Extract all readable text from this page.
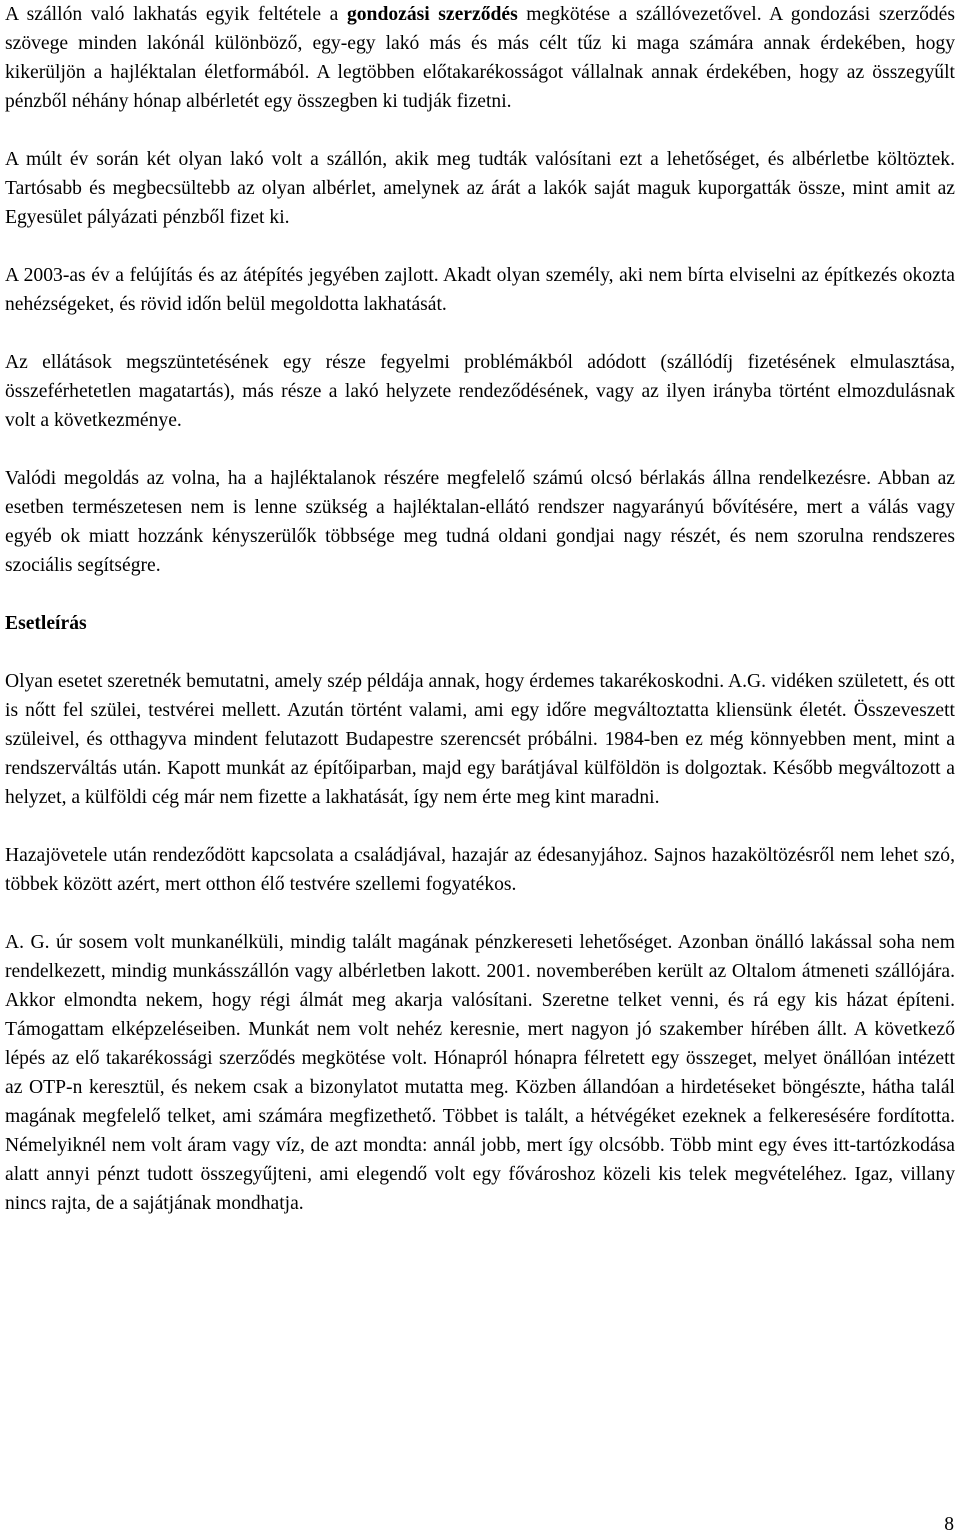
A szállón való lakhatás egyik feltétele a gondozási szerződés megkötése a szállóvezetővel. A gondozási szerződés szövege minden lakónál különböző, egy-egy lakó más és más célt tűz ki maga számára annak érdekében, hogy kikerüljön a hajléktalan életformából. A legtöbben előtakarékosságot vállalnak annak érdekében, hogy az összegyűlt pénzből néhány hónap albérletét egy összegben ki tudják fizetni.

A múlt év során két olyan lakó volt a szállón, akik meg tudták valósítani ezt a lehetőséget, és albérletbe költöztek. Tartósabb és megbecsültebb az olyan albérlet, amelynek az árát a lakók saját maguk kuporgatták össze, mint amit az Egyesület pályázati pénzből fizet ki.

A 2003-as év a felújítás és az átépítés jegyében zajlott. Akadt olyan személy, aki nem bírta elviselni az építkezés okozta nehézségeket, és rövid időn belül megoldotta lakhatását.

Az ellátások megszüntetésének egy része fegyelmi problémákból adódott (szállódíj fizetésének elmulasztása, összeférhetetlen magatartás), más része a lakó helyzete rendeződésének, vagy az ilyen irányba történt elmozdulásnak volt a következménye.

Valódi megoldás az volna, ha a hajléktalanok részére megfelelő számú olcsó bérlakás állna rendelkezésre. Abban az esetben természetesen nem is lenne szükség a hajléktalan-ellátó rendszer nagyarányú bővítésére, mert a válás vagy egyéb ok miatt hozzánk kényszerülők többsége meg tudná oldani gondjai nagy részét, és nem szorulna rendszeres szociális segítségre.

Esetleírás

Olyan esetet szeretnék bemutatni, amely szép példája annak, hogy érdemes takarékoskodni. A.G. vidéken született, és ott is nőtt fel szülei, testvérei mellett. Azután történt valami, ami egy időre megváltoztatta kliensünk életét. Összeveszett szüleivel, és otthagyva mindent felutazott Budapestre szerencsét próbálni. 1984-ben ez még könnyebben ment, mint a rendszerváltás után. Kapott munkát az építőiparban, majd egy barátjával külföldön is dolgoztak. Később megváltozott a helyzet, a külföldi cég már nem fizette a lakhatását, így nem érte meg kint maradni.

Hazajövetele után rendeződött kapcsolata a családjával, hazajár az édesanyjához. Sajnos hazaköltözésről nem lehet szó, többek között azért, mert otthon élő testvére szellemi fogyatékos.

A. G. úr sosem volt munkanélküli, mindig talált magának pénzkereseti lehetőséget. Azonban önálló lakással soha nem rendelkezett, mindig munkásszállón vagy albérletben lakott. 2001. novemberében került az Oltalom átmeneti szállójára. Akkor elmondta nekem, hogy régi álmát meg akarja valósítani. Szeretne telket venni, és rá egy kis házat építeni. Támogattam elképzeléseiben. Munkát nem volt nehéz keresnie, mert nagyon jó szakember hírében állt. A következő lépés az elő takarékossági szerződés megkötése volt. Hónapról hónapra félretett egy összeget, melyet önállóan intézett az OTP-n keresztül, és nekem csak a bizonylatot mutatta meg. Közben állandóan a hirdetéseket böngészte, hátha talál magának megfelelő telket, ami számára megfizethető. Többet is talált, a hétvégéket ezeknek a felkeresésére fordította. Némelyiknél nem volt áram vagy víz, de azt mondta: annál jobb, mert így olcsóbb. Több mint egy éves itt-tartózkodása alatt annyi pénzt tudott összegyűjteni, ami elegendő volt egy fővároshoz közeli kis telek megvételéhez. Igaz, villany nincs rajta, de a sajátjának mondhatja.

8
